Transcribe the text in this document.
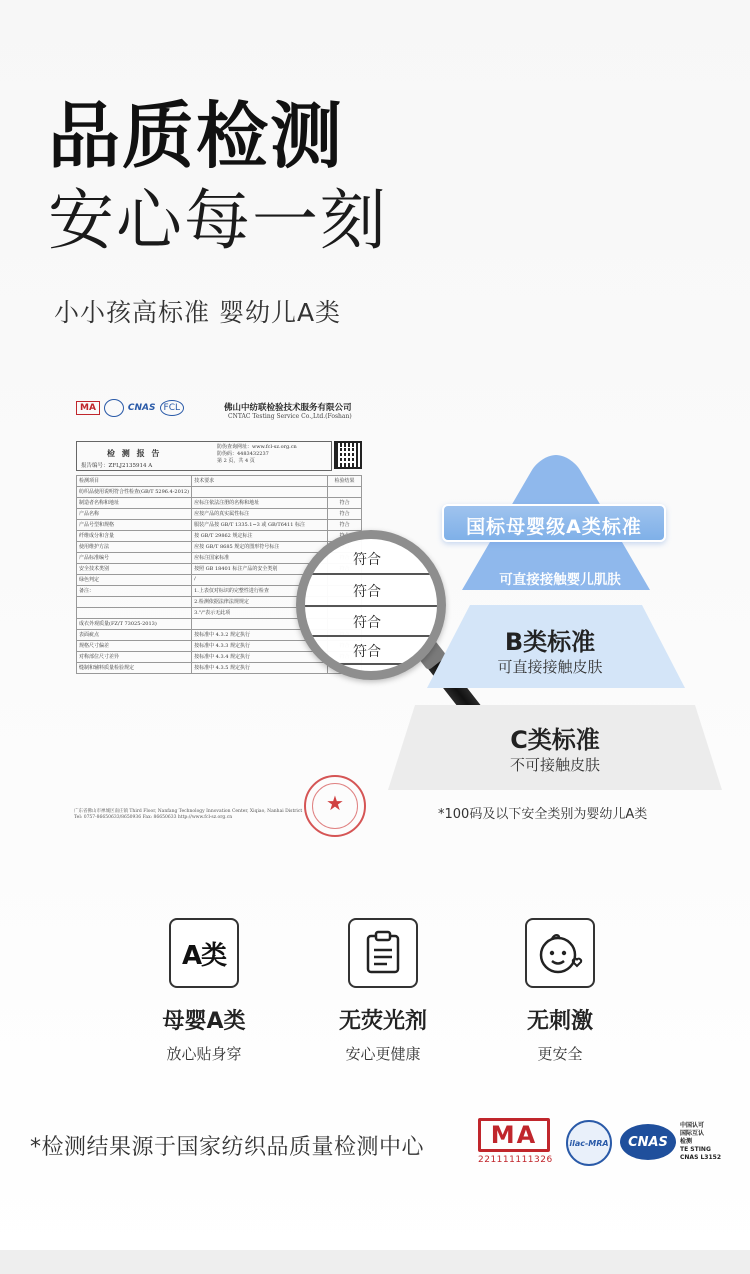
品质检测
安心每一刻
小小孩高标准 婴幼儿A类
MA	CNAS FCL	佛山中纺联检验技术服务有限公司
CNTAC Testing Service Co.,Ltd.(Foshan)
检 测 报 告
报告编号：ZFLJ2135914 A
防伪查询网址：www.fcl-sz.org.cn
防伪码：4483432237
第 2 页，共 4 页
检测项目	技术要求	检验结果
纺织品使用说明符合性检查(GB/T 5296.4-2012)		
制造者名称和地址	应标注依法注册的名称和地址	符合
产品名称	应按产品的真实属性标注	符合
产品号型和规格	服装产品按 GB/T 1335.1~3 或 GB/T6411 标注	符合
纤维成分和含量	按 GB/T 29862 规定标注	
使用维护方法	应按 GB/T 8685 规定的图形符号标注	
产品标准编号	应标注国家标准	
安全技术类别	按照 GB 18401 标注产品的安全类别	
绿色判定	/	
备注：	1.上表仅对标识的完整性进行检查	
	2.检测依据法律法规规定	
	3."/"表示无此项	
成衣外观质量(FZ/T 73025-2013)		
表面疵点	按标准中 4.3.2 规定执行	
规格尺寸偏差	按标准中 4.3.3 规定执行	
对称部位尺寸差异	按标准中 4.3.4 规定执行	
缝制和辅料质量检验规定	按标准中 4.3.5 规定执行	
★
广东省佛山市禅城区南庄镇 Third Floor, Nanfang Technology Innovation Center, Xiqiao, Nanhai District
Tel: 0757-86650633/8650936 Fax: 86650633 http://www.fcl-sz.org.cn
符合
符合
符合
符合
国标母婴级A类标准
可直接接触婴儿肌肤
B类标准
可直接接触皮肤
C类标准
不可接触皮肤
*100码及以下安全类别为婴幼儿A类
A类
母婴A类
放心贴身穿
无荧光剂
安心更健康
无刺激
更安全
*检测结果源于国家纺织品质量检测中心	MA
221111111326
ilac-MRA	CNAS
中国认可
国际互认
检测
TE STING
CNAS L3152
